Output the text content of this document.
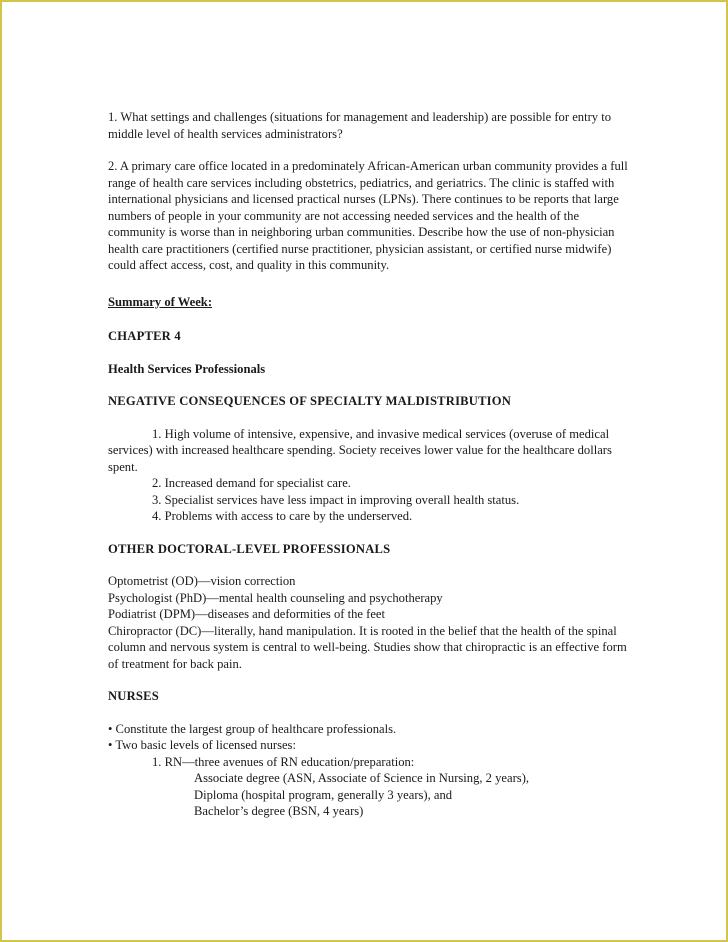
1. What settings and challenges (situations for management and leadership) are possible for entry to middle level of health services administrators?

2. A primary care office located in a predominately African-American urban community provides a full range of health care services including obstetrics, pediatrics, and geriatrics. The clinic is staffed with international physicians and licensed practical nurses (LPNs). There continues to be reports that large numbers of people in your community are not accessing needed services and the health of the community is worse than in neighboring urban communities. Describe how the use of non-physician health care practitioners (certified nurse practitioner, physician assistant, or certified nurse midwife) could affect access, cost, and quality in this community.

Summary of Week:

CHAPTER 4

Health Services Professionals

NEGATIVE CONSEQUENCES OF SPECIALTY MALDISTRIBUTION

1. High volume of intensive, expensive, and invasive medical services (overuse of medical services) with increased healthcare spending. Society receives lower value for the healthcare dollars spent.

2. Increased demand for specialist care.

3. Specialist services have less impact in improving overall health status.

4. Problems with access to care by the underserved.

OTHER DOCTORAL-LEVEL PROFESSIONALS

Optometrist (OD)—vision correction

Psychologist (PhD)—mental health counseling and psychotherapy

Podiatrist (DPM)—diseases and deformities of the feet

Chiropractor (DC)—literally, hand manipulation. It is rooted in the belief that the health of the spinal column and nervous system is central to well-being. Studies show that chiropractic is an effective form of treatment for back pain.

NURSES

• Constitute the largest group of healthcare professionals.

• Two basic levels of licensed nurses:

1. RN—three avenues of RN education/preparation:

Associate degree (ASN, Associate of Science in Nursing, 2 years),

Diploma (hospital program, generally 3 years), and

Bachelor’s degree (BSN, 4 years)
